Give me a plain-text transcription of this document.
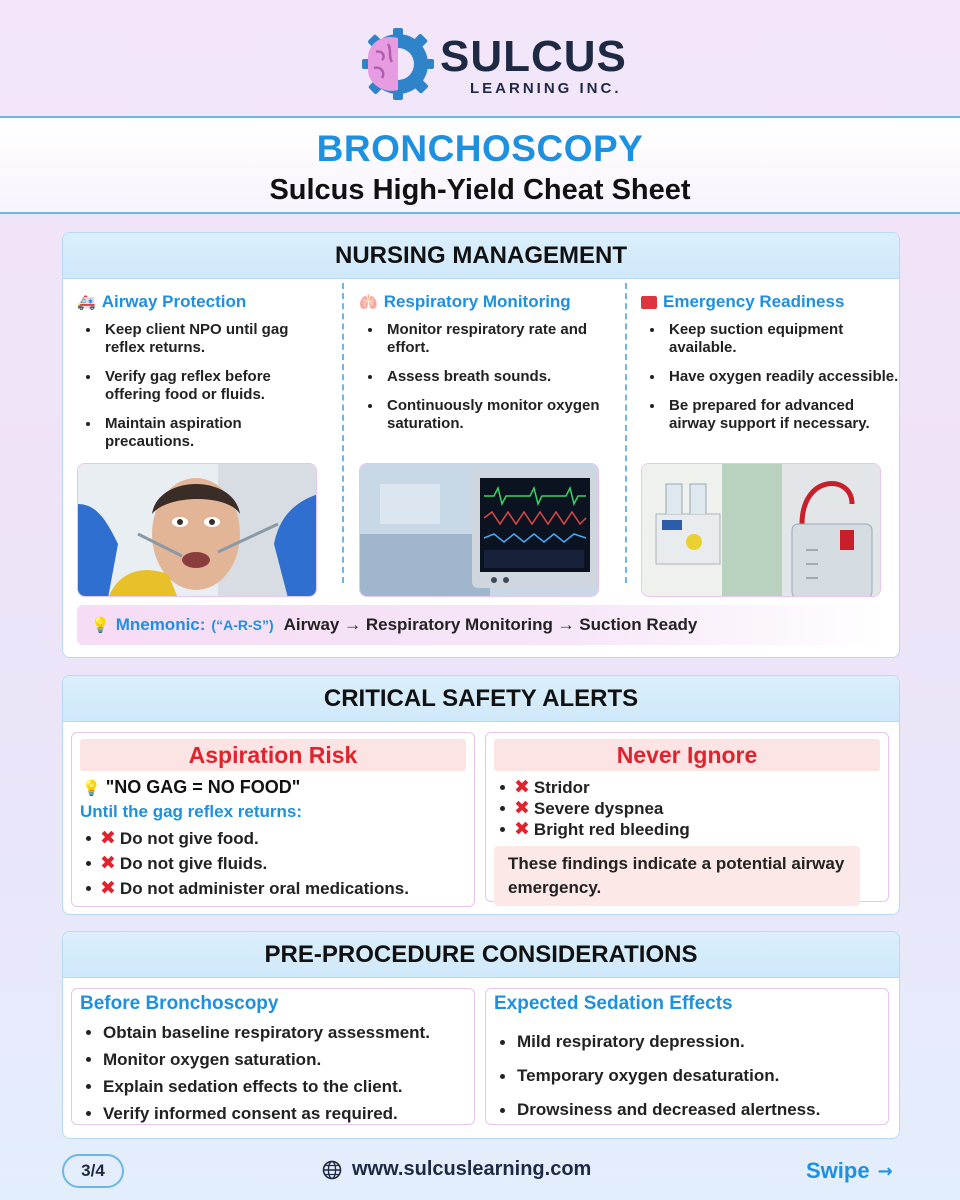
SULCUS
LEARNING INC.
BRONCHOSCOPY
Sulcus High-Yield Cheat Sheet
NURSING MANAGEMENT
🚑 Airway Protection
• Keep client NPO until gag reflex returns.
• Verify gag reflex before offering food or fluids.
• Maintain aspiration precautions.
🫁 Respiratory Monitoring
• Monitor respiratory rate and effort.
• Assess breath sounds.
• Continuously monitor oxygen saturation.
Emergency Readiness
• Keep suction equipment available.
• Have oxygen readily accessible.
• Be prepared for advanced airway support if necessary.
💡 Mnemonic: (“A-R-S”) Airway → Respiratory Monitoring → Suction Ready
CRITICAL SAFETY ALERTS
Aspiration Risk
💡 "NO GAG = NO FOOD"
Until the gag reflex returns:
✖ Do not give food.
✖ Do not give fluids.
✖ Do not administer oral medications.
Never Ignore
✖ Stridor
✖ Severe dyspnea
✖ Bright red bleeding
These findings indicate a potential airway emergency.
PRE-PROCEDURE CONSIDERATIONS
Before Bronchoscopy
Obtain baseline respiratory assessment.
Monitor oxygen saturation.
Explain sedation effects to the client.
Verify informed consent as required.
Expected Sedation Effects
Mild respiratory depression.
Temporary oxygen desaturation.
Drowsiness and decreased alertness.
3/4	www.sulcuslearning.com	Swipe →
